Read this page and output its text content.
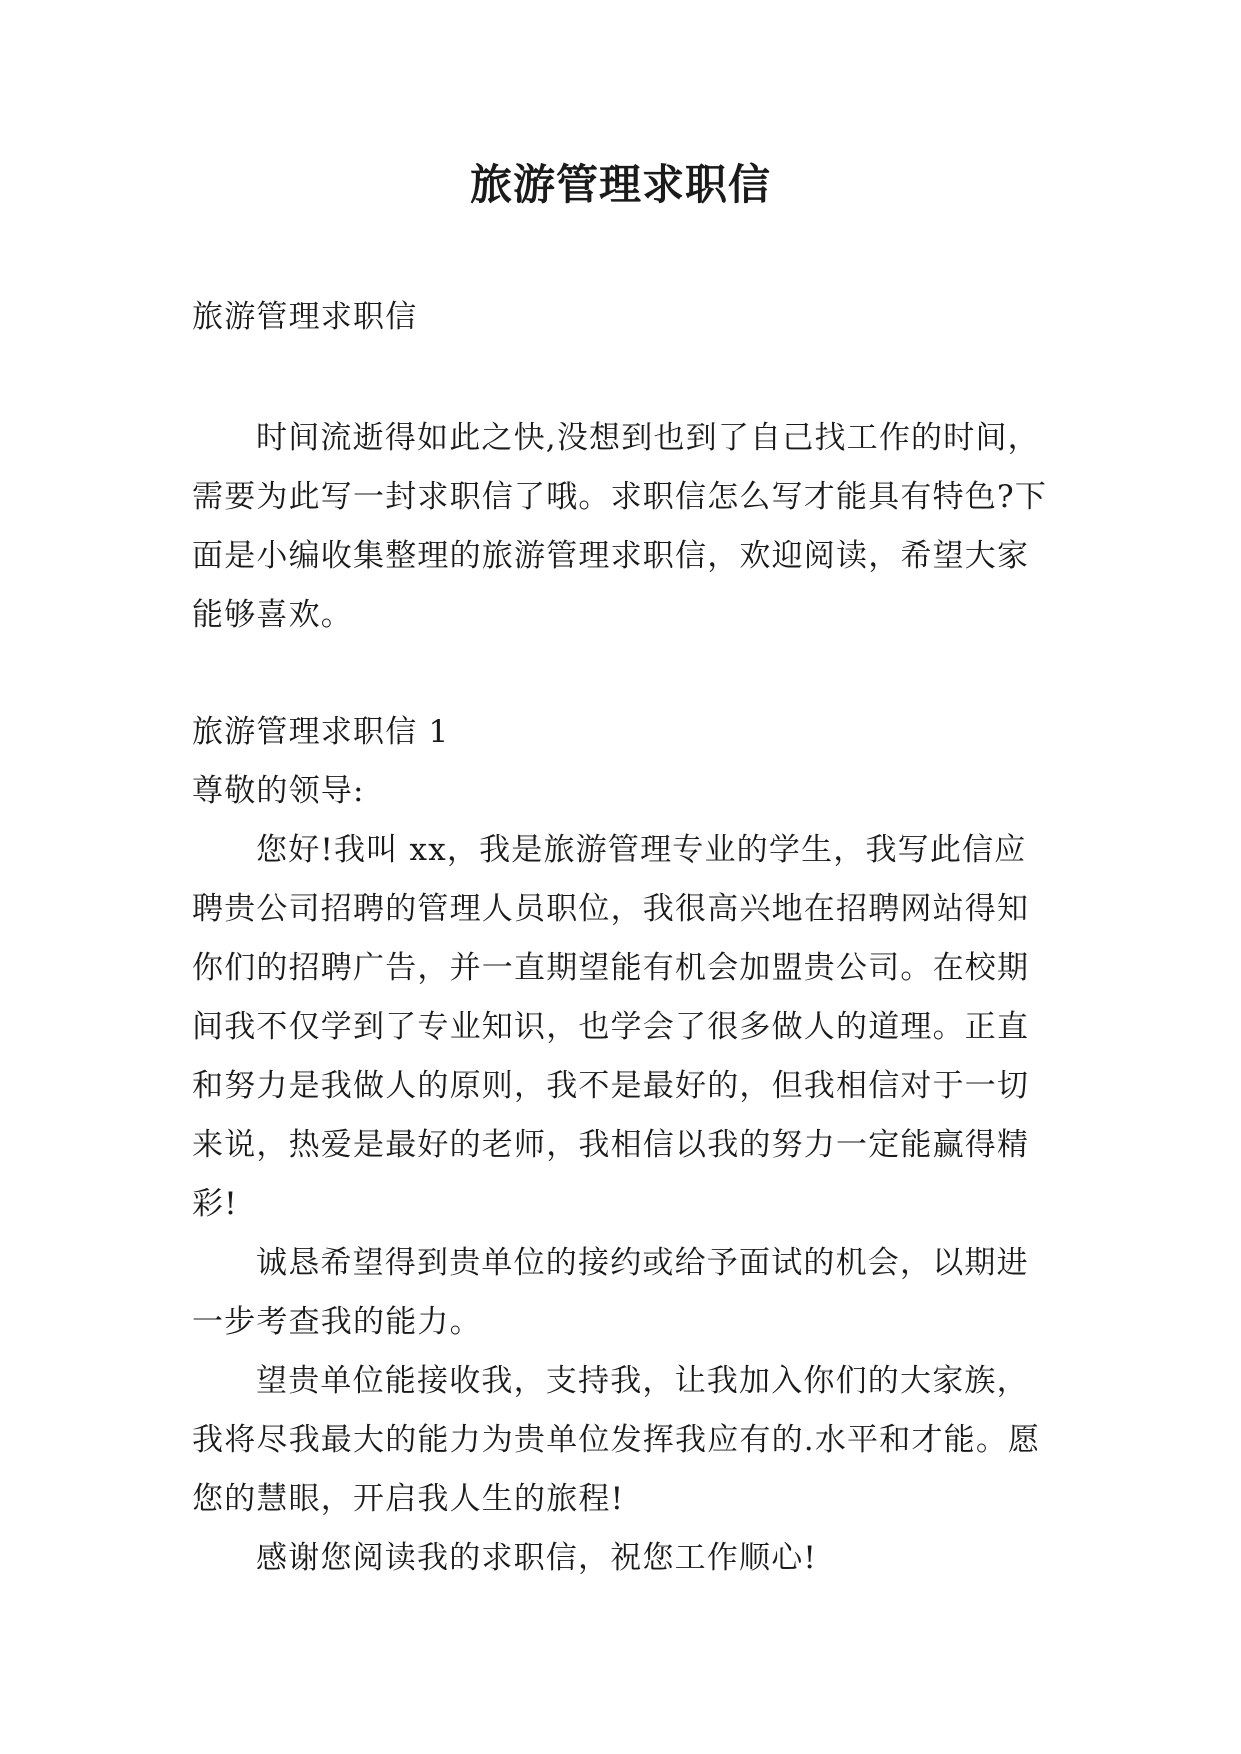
旅游管理求职信

旅游管理求职信

时间流逝得如此之快,没想到也到了自己找工作的时间，需要为此写一封求职信了哦。求职信怎么写才能具有特色?下面是小编收集整理的旅游管理求职信，欢迎阅读，希望大家能够喜欢。

旅游管理求职信 1

尊敬的领导:

您好!我叫 xx，我是旅游管理专业的学生，我写此信应聘贵公司招聘的管理人员职位，我很高兴地在招聘网站得知你们的招聘广告，并一直期望能有机会加盟贵公司。在校期间我不仅学到了专业知识，也学会了很多做人的道理。正直和努力是我做人的原则，我不是最好的，但我相信对于一切来说，热爱是最好的老师，我相信以我的努力一定能赢得精彩!

诚恳希望得到贵单位的接约或给予面试的机会，以期进一步考查我的能力。

望贵单位能接收我，支持我，让我加入你们的大家族，我将尽我最大的能力为贵单位发挥我应有的.水平和才能。愿您的慧眼，开启我人生的旅程!

感谢您阅读我的求职信，祝您工作顺心!
